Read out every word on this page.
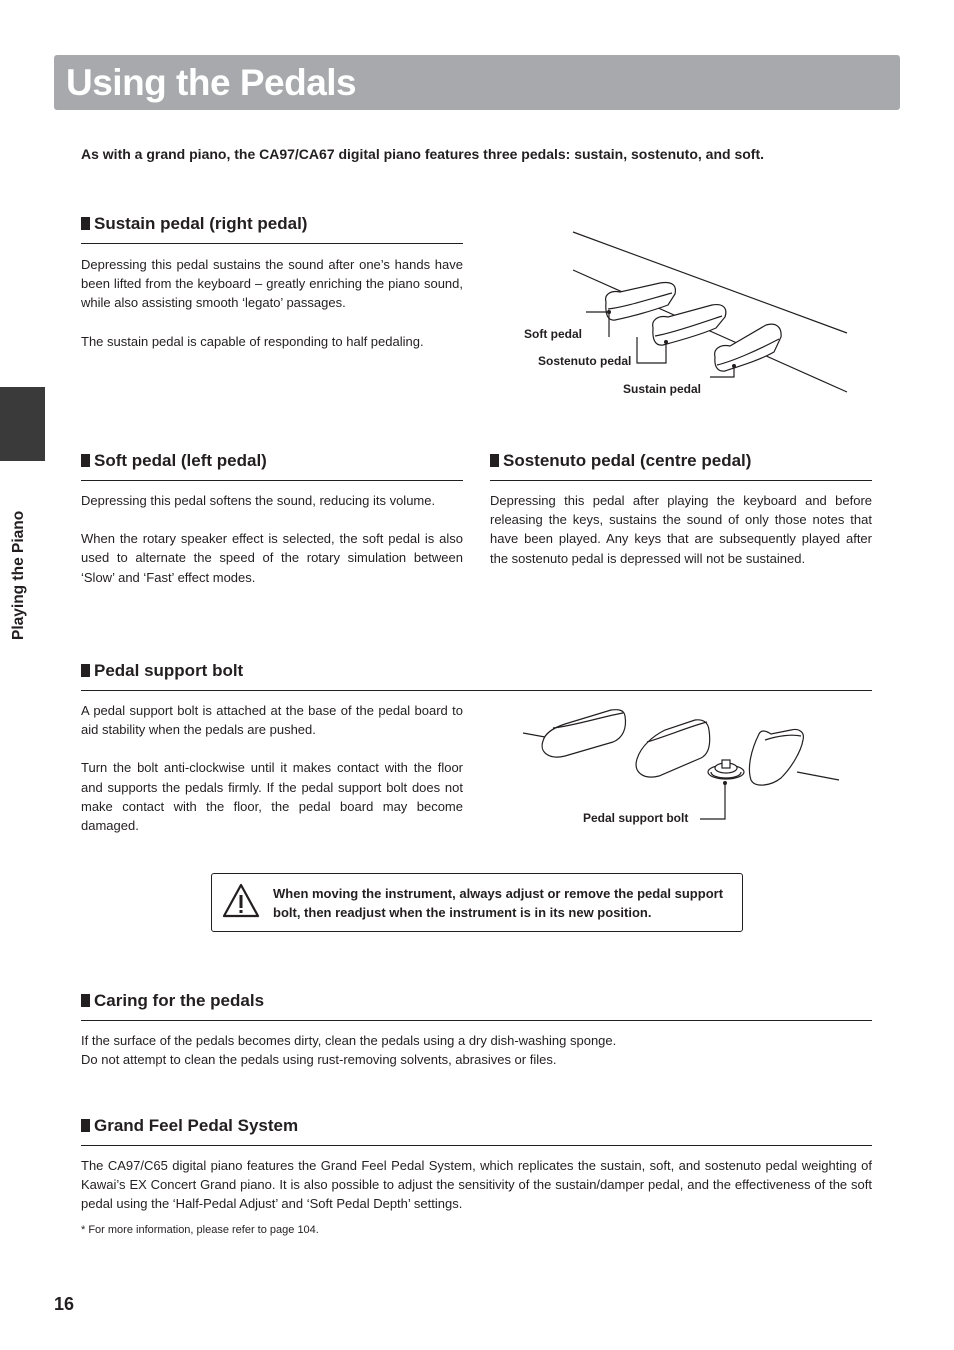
Using the Pedals
As with a grand piano, the CA97/CA67 digital piano features three pedals: sustain, sostenuto, and soft.
Playing the Piano
Sustain pedal (right pedal)

Depressing this pedal sustains the sound after one’s hands have been lifted from the keyboard – greatly enriching the piano sound, while also assisting smooth ‘legato’ passages.

The sustain pedal is capable of responding to half pedaling.	Soft pedal
Sostenuto pedal
Sustain pedal
Soft pedal (left pedal)

Depressing this pedal softens the sound, reducing its volume.

When the rotary speaker effect is selected, the soft pedal is also used to alternate the speed of the rotary simulation between ‘Slow’ and ‘Fast’ effect modes.

Sostenuto pedal (centre pedal)

Depressing this pedal after playing the keyboard and before releasing the keys, sustains the sound of only those notes that have been played. Any keys that are subsequently played after the sostenuto pedal is depressed will not be sustained.

Pedal support bolt

A pedal support bolt is attached at the base of the pedal board to aid stability when the pedals are pushed.

Turn the bolt anti-clockwise until it makes contact with the floor and supports the pedals firmly. If the pedal support bolt does not make contact with the floor, the pedal board may become damaged.

Pedal support bolt
When moving the instrument, always adjust or remove the pedal support bolt, then readjust when the instrument is in its new position.
Caring for the pedals
If the surface of the pedals becomes dirty, clean the pedals using a dry dish-washing sponge.
Do not attempt to clean the pedals using rust-removing solvents, abrasives or files.
Grand Feel Pedal System

The CA97/C65 digital piano features the Grand Feel Pedal System, which replicates the sustain, soft, and sostenuto pedal weighting of Kawai’s EX Concert Grand piano. It is also possible to adjust the sensitivity of the sustain/damper pedal, and the effectiveness of the soft pedal using the ‘Half-Pedal Adjust’ and ‘Soft Pedal Depth’ settings.

* For more information, please refer to page 104.
16
